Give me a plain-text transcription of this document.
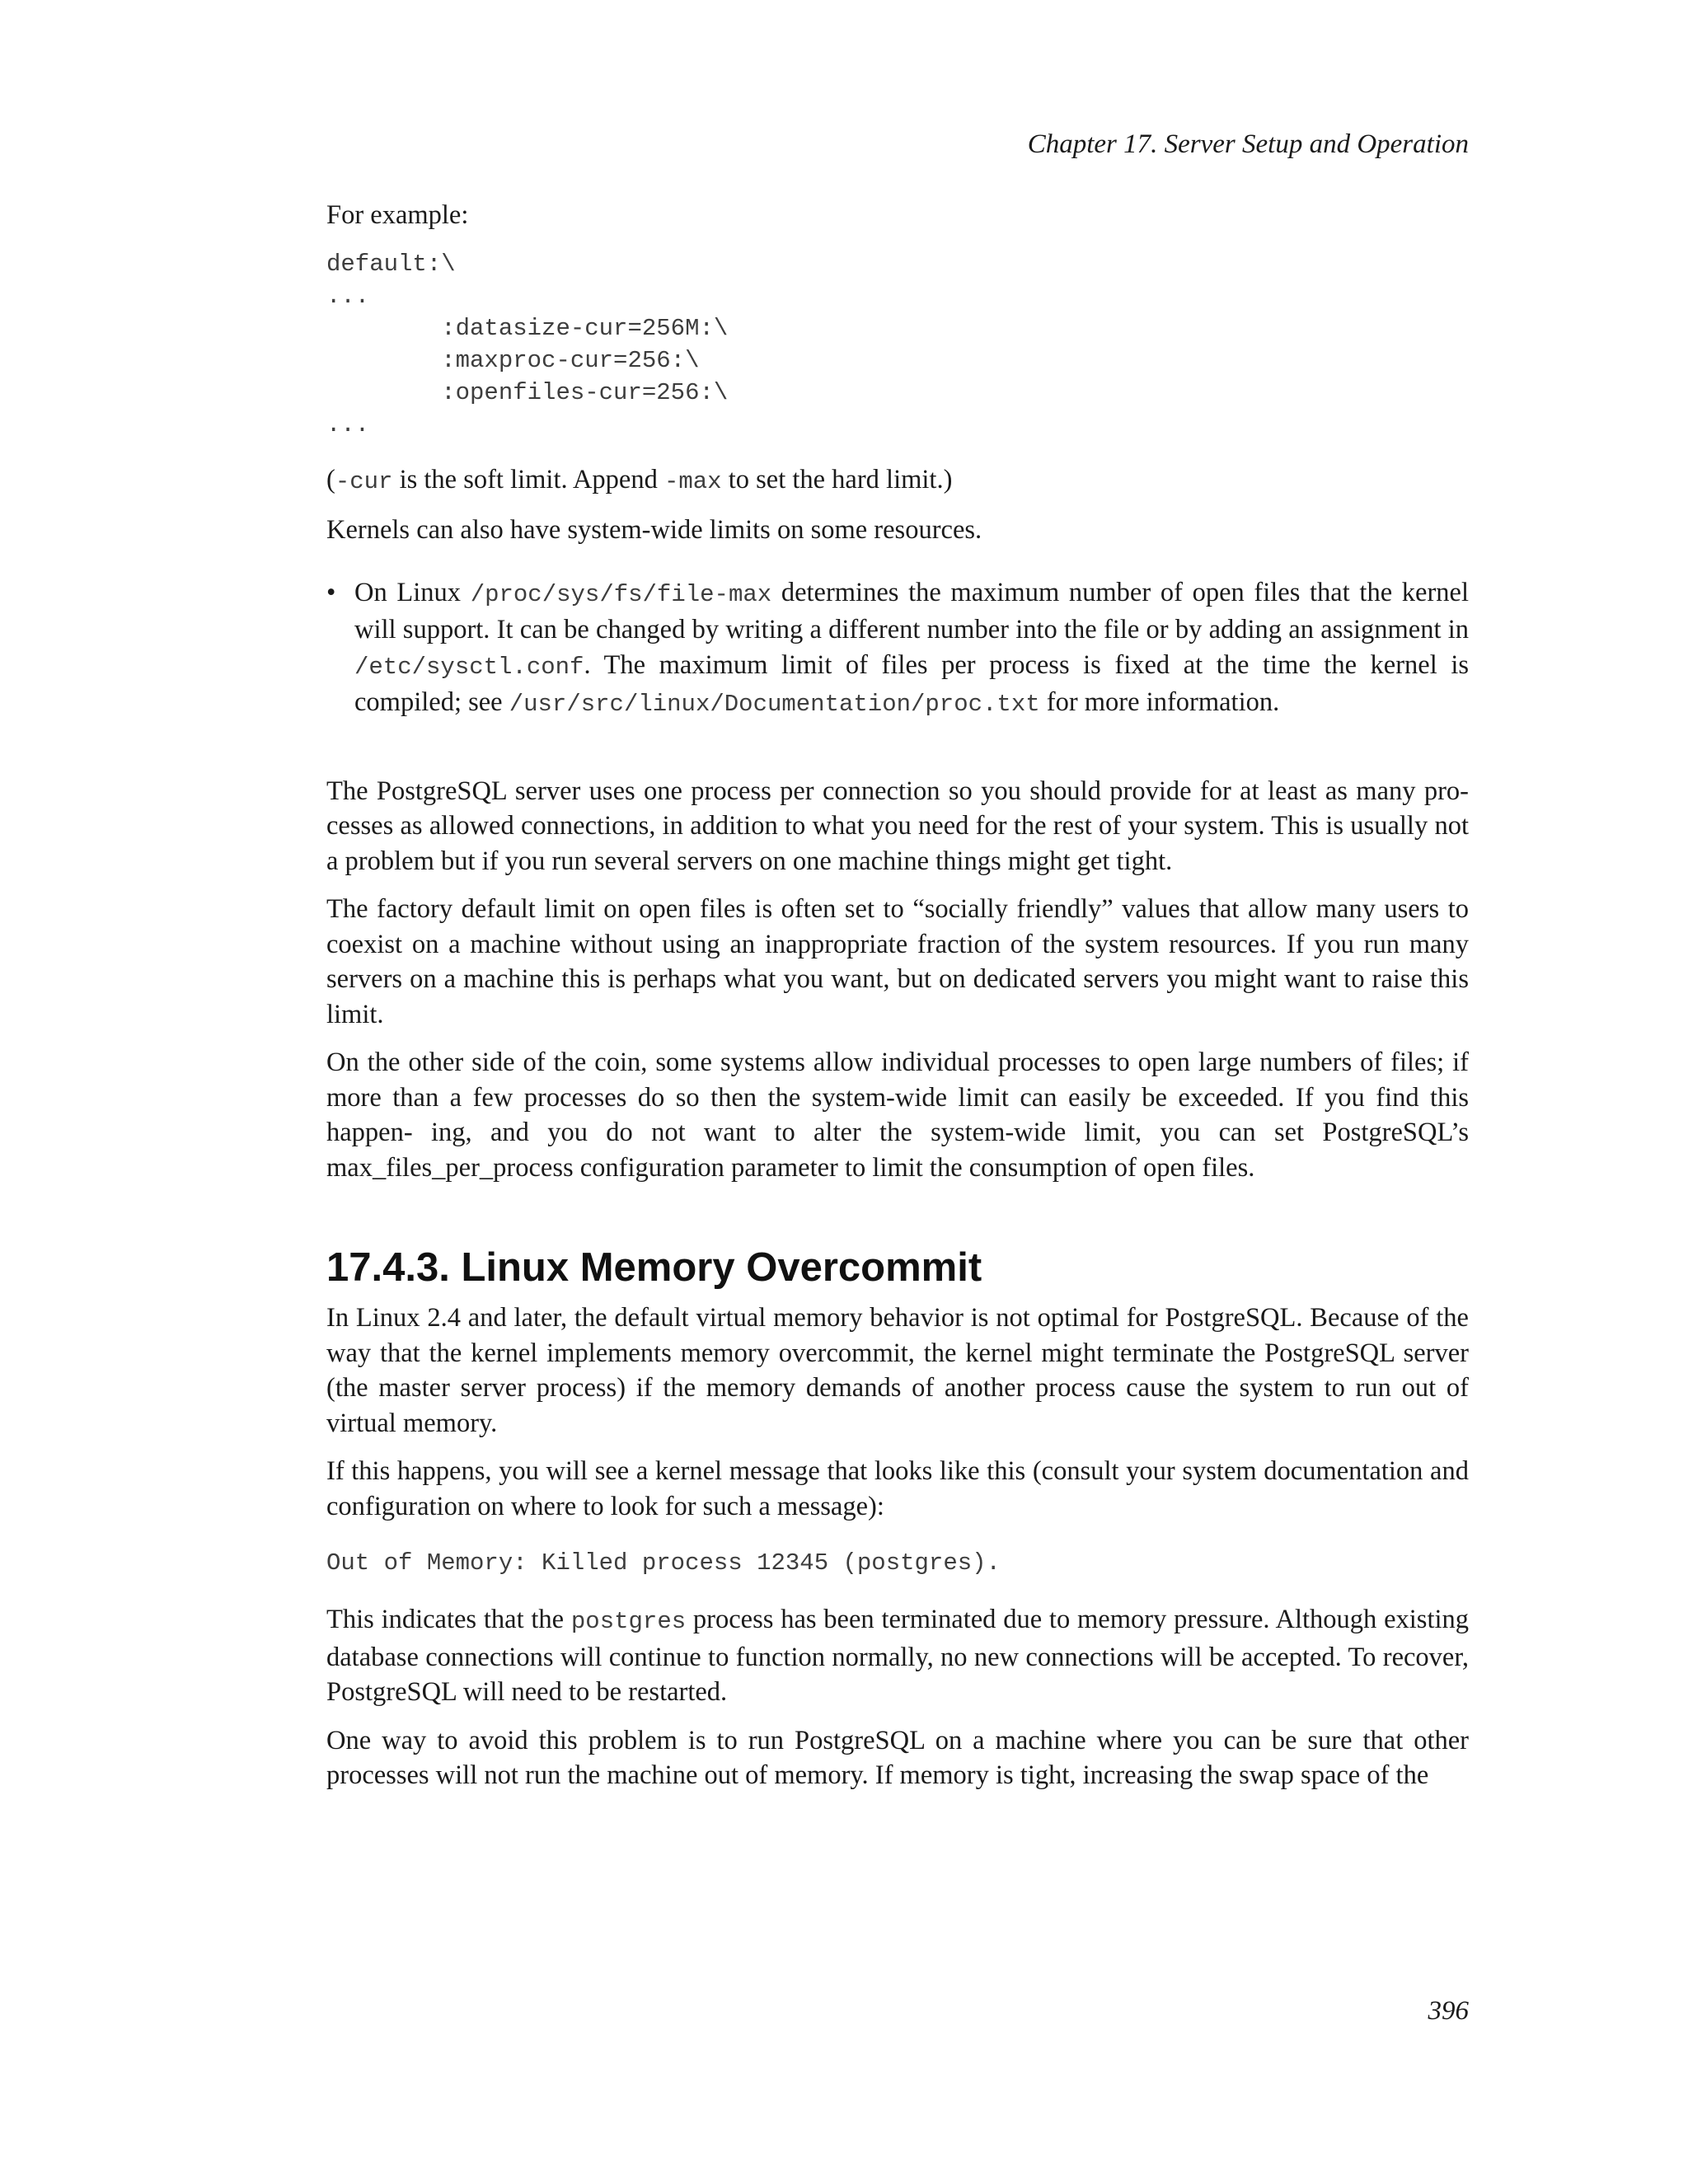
Chapter 17. Server Setup and Operation

For example:

default:\
...
:datasize-cur=256M:\
:maxproc-cur=256:\
:openfiles-cur=256:\
...

(-cur is the soft limit. Append -max to set the hard limit.)

Kernels can also have system-wide limits on some resources.

• On Linux /proc/sys/fs/file-max determines the maximum number of open files that the kernel will support. It can be changed by writing a different number into the file or by adding an assignment in /etc/sysctl.conf. The maximum limit of files per process is fixed at the time the kernel is compiled; see /usr/src/linux/Documentation/proc.txt for more information.

The PostgreSQL server uses one process per connection so you should provide for at least as many pro- cesses as allowed connections, in addition to what you need for the rest of your system. This is usually not a problem but if you run several servers on one machine things might get tight.

The factory default limit on open files is often set to “socially friendly” values that allow many users to coexist on a machine without using an inappropriate fraction of the system resources. If you run many servers on a machine this is perhaps what you want, but on dedicated servers you might want to raise this limit.

On the other side of the coin, some systems allow individual processes to open large numbers of files; if more than a few processes do so then the system-wide limit can easily be exceeded. If you find this happen- ing, and you do not want to alter the system-wide limit, you can set PostgreSQL’s max_files_per_process configuration parameter to limit the consumption of open files.

17.4.3. Linux Memory Overcommit

In Linux 2.4 and later, the default virtual memory behavior is not optimal for PostgreSQL. Because of the way that the kernel implements memory overcommit, the kernel might terminate the PostgreSQL server (the master server process) if the memory demands of another process cause the system to run out of virtual memory.

If this happens, you will see a kernel message that looks like this (consult your system documentation and configuration on where to look for such a message):

Out of Memory: Killed process 12345 (postgres).

This indicates that the postgres process has been terminated due to memory pressure. Although existing database connections will continue to function normally, no new connections will be accepted. To recover, PostgreSQL will need to be restarted.

One way to avoid this problem is to run PostgreSQL on a machine where you can be sure that other processes will not run the machine out of memory. If memory is tight, increasing the swap space of the

396
